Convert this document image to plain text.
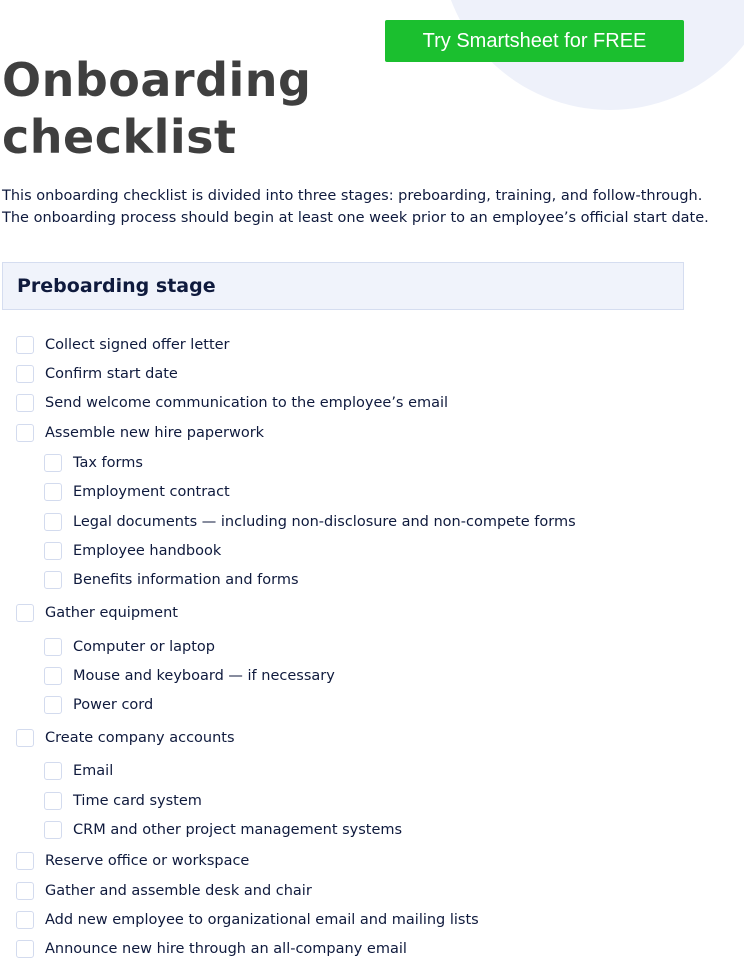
Try Smartsheet for FREE
Onboarding
checklist
This onboarding checklist is divided into three stages: preboarding, training, and follow-through.
The onboarding process should begin at least one week prior to an employee’s official start date.
Preboarding stage
Collect signed offer letter
Confirm start date
Send welcome communication to the employee’s email
Assemble new hire paperwork
Tax forms
Employment contract
Legal documents — including non-disclosure and non-compete forms
Employee handbook
Benefits information and forms
Gather equipment
Computer or laptop
Mouse and keyboard — if necessary
Power cord
Create company accounts
Email
Time card system
CRM and other project management systems
Reserve office or workspace
Gather and assemble desk and chair
Add new employee to organizational email and mailing lists
Announce new hire through an all-company email
